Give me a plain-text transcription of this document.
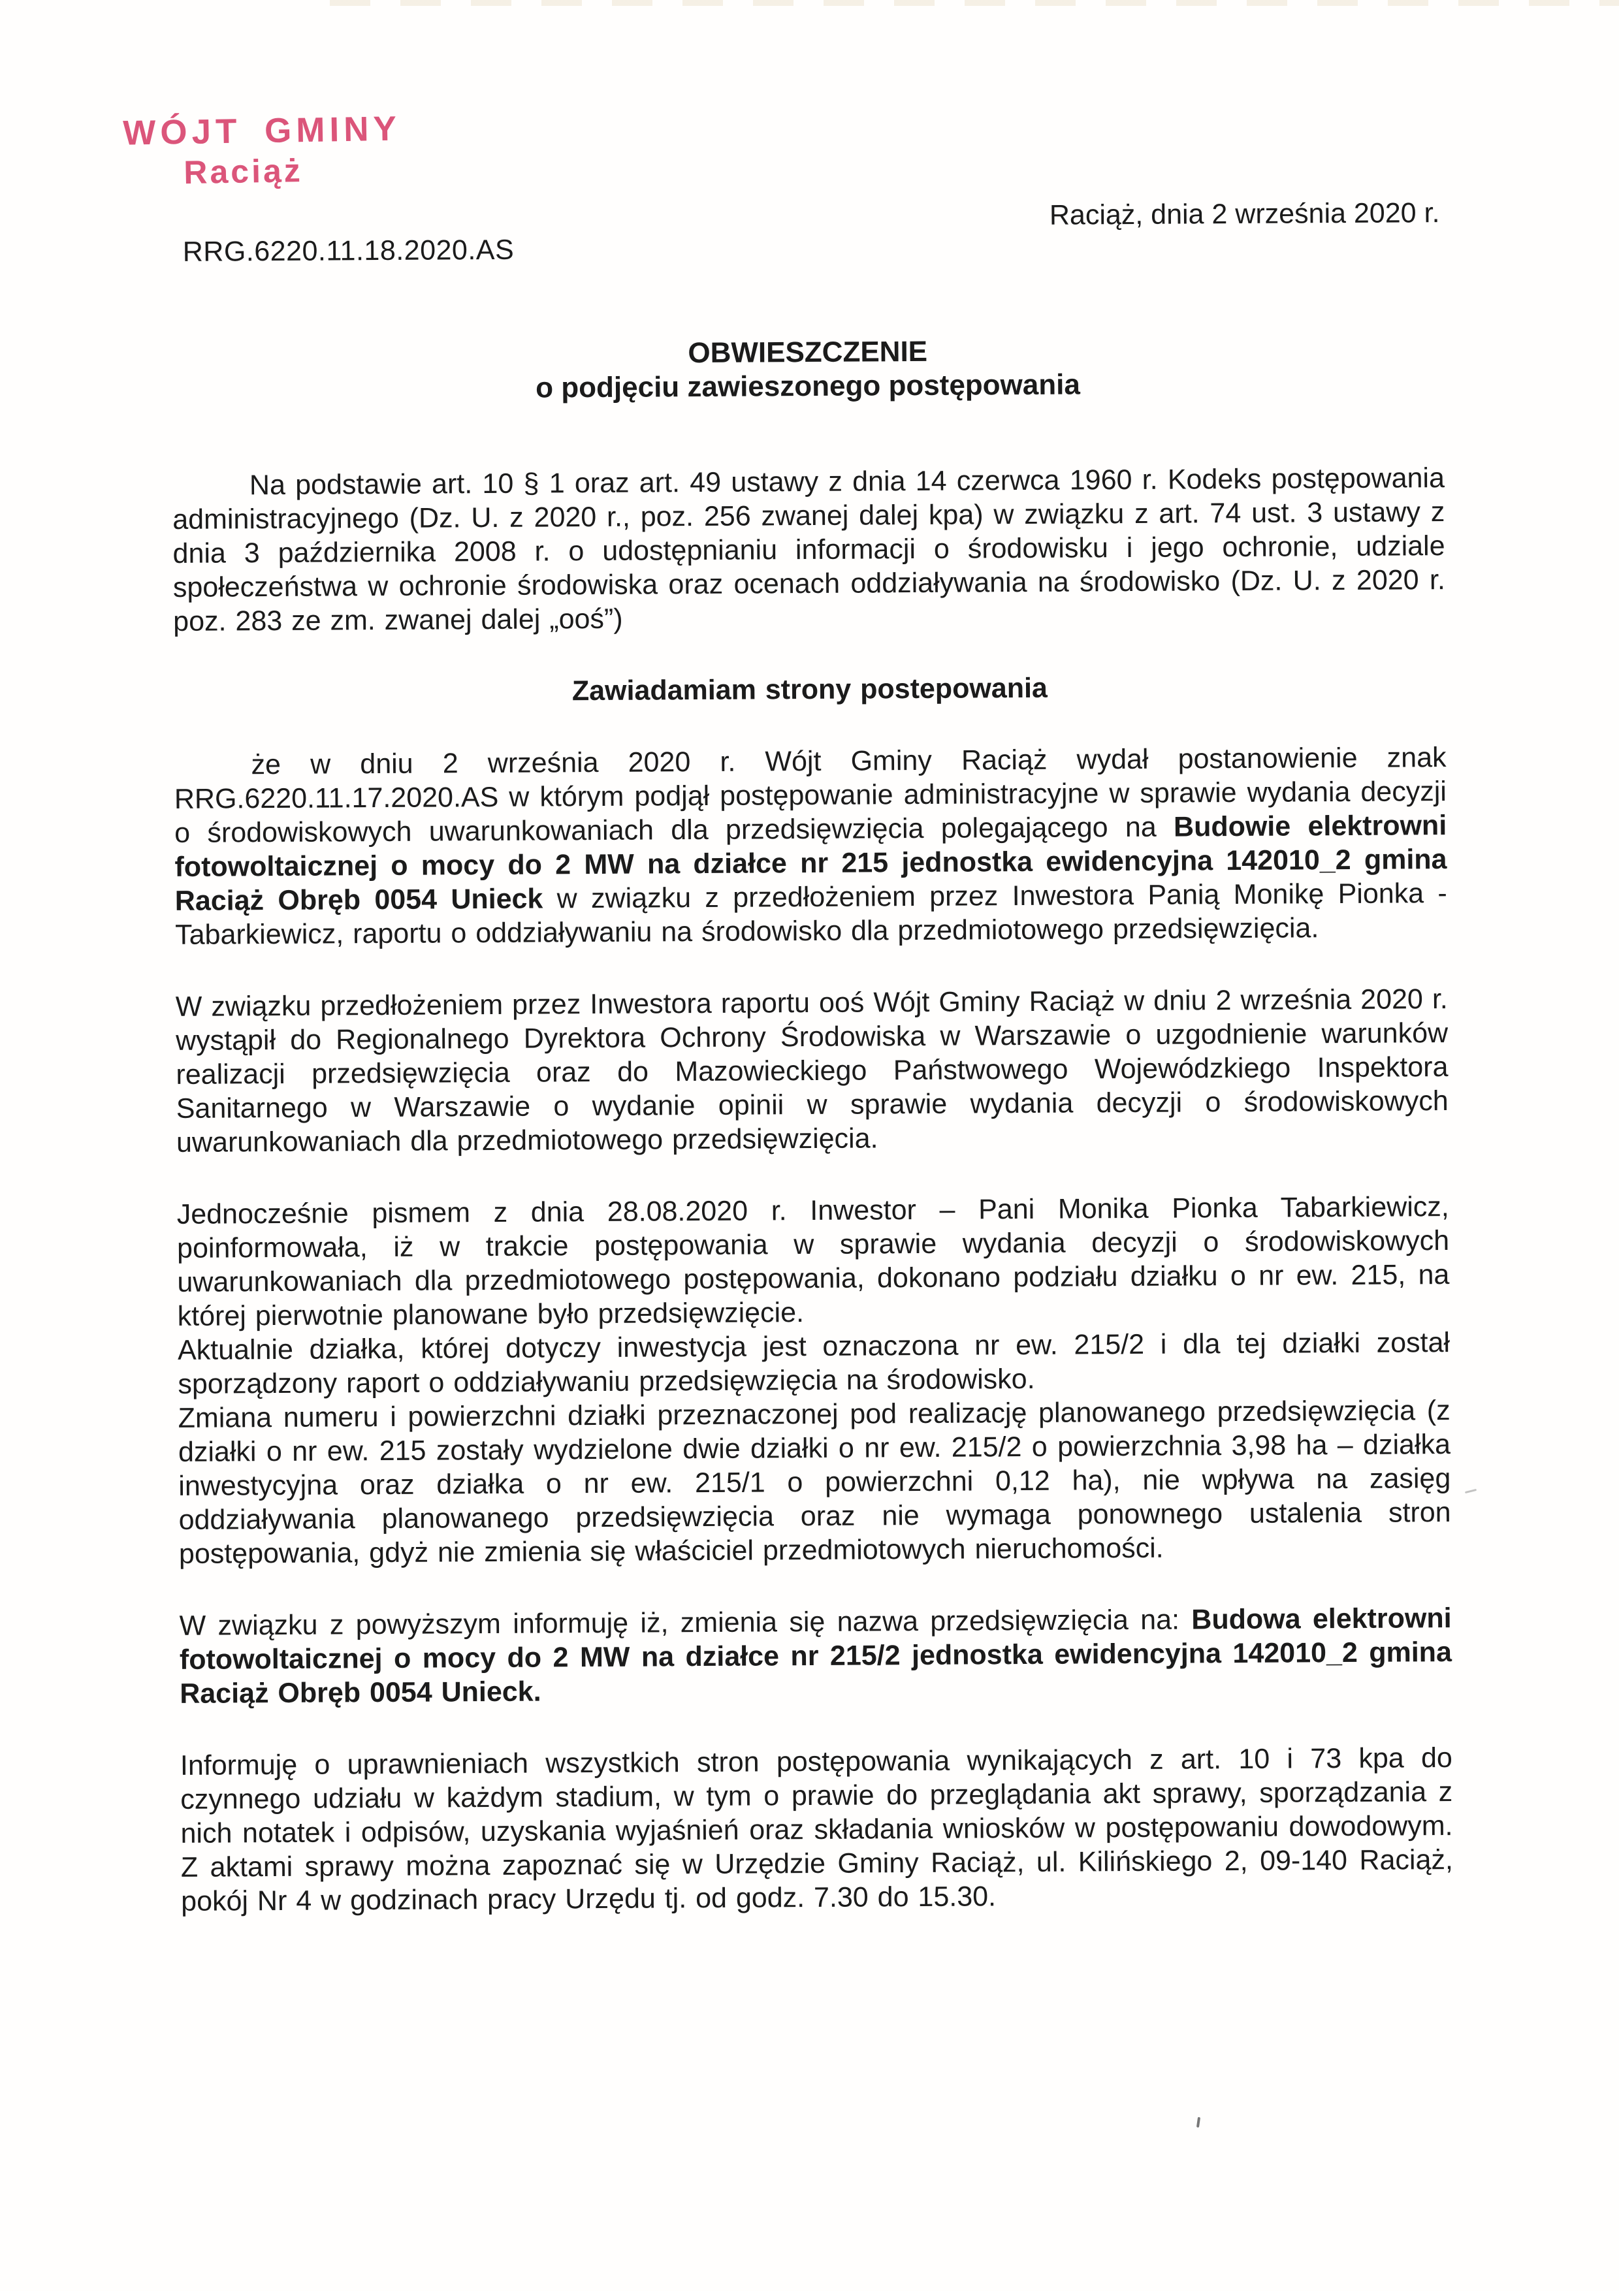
WÓJT GMINY
Raciąż
Raciąż, dnia 2 września 2020 r.
RRG.6220.11.18.2020.AS
OBWIESZCZENIE
o podjęciu zawieszonego postępowania

Na podstawie art. 10 § 1 oraz art. 49 ustawy z dnia 14 czerwca 1960 r. Kodeks postępowania administracyjnego (Dz. U. z 2020 r., poz. 256 zwanej dalej kpa) w związku z art. 74 ust. 3 ustawy z dnia 3 października 2008 r. o udostępnianiu informacji o środowisku i jego ochronie, udziale społeczeństwa w ochronie środowiska oraz ocenach oddziaływania na środowisko (Dz. U. z 2020 r. poz. 283 ze zm. zwanej dalej „ooś”)

Zawiadamiam strony postepowania

że w dniu 2 września 2020 r. Wójt Gminy Raciąż wydał postanowienie znak RRG.6220.11.17.2020.AS w którym podjął postępowanie administracyjne w sprawie wydania decyzji o środowiskowych uwarunkowaniach dla przedsięwzięcia polegającego na Budowie elektrowni fotowoltaicznej o mocy do 2 MW na działce nr 215 jednostka ewidencyjna 142010_2 gmina Raciąż Obręb 0054 Unieck w związku z przedłożeniem przez Inwestora Panią Monikę Pionka - Tabarkiewicz, raportu o oddziaływaniu na środowisko dla przedmiotowego przedsięwzięcia.

W związku przedłożeniem przez Inwestora raportu ooś Wójt Gminy Raciąż w dniu 2 września 2020 r. wystąpił do Regionalnego Dyrektora Ochrony Środowiska w Warszawie o uzgodnienie warunków realizacji przedsięwzięcia oraz do Mazowieckiego Państwowego Wojewódzkiego Inspektora Sanitarnego w Warszawie o wydanie opinii w sprawie wydania decyzji o środowiskowych uwarunkowaniach dla przedmiotowego przedsięwzięcia.

Jednocześnie pismem z dnia 28.08.2020 r. Inwestor – Pani Monika Pionka Tabarkiewicz, poinformowała, iż w trakcie postępowania w sprawie wydania decyzji o środowiskowych uwarunkowaniach dla przedmiotowego postępowania, dokonano podziału działku o nr ew. 215, na której pierwotnie planowane było przedsięwzięcie.

Aktualnie działka, której dotyczy inwestycja jest oznaczona nr ew. 215/2 i dla tej działki został sporządzony raport o oddziaływaniu przedsięwzięcia na środowisko.

Zmiana numeru i powierzchni działki przeznaczonej pod realizację planowanego przedsięwzięcia (z działki o nr ew. 215 zostały wydzielone dwie działki o nr ew. 215/2 o powierzchnia 3,98 ha – działka inwestycyjna oraz działka o nr ew. 215/1 o powierzchni 0,12 ha), nie wpływa na zasięg oddziaływania planowanego przedsięwzięcia oraz nie wymaga ponownego ustalenia stron postępowania, gdyż nie zmienia się właściciel przedmiotowych nieruchomości.

W związku z powyższym informuję iż, zmienia się nazwa przedsięwzięcia na: Budowa elektrowni fotowoltaicznej o mocy do 2 MW na działce nr 215/2 jednostka ewidencyjna 142010_2 gmina Raciąż Obręb 0054 Unieck.

Informuję o uprawnieniach wszystkich stron postępowania wynikających z art. 10 i 73 kpa do czynnego udziału w każdym stadium, w tym o prawie do przeglądania akt sprawy, sporządzania z nich notatek i odpisów, uzyskania wyjaśnień oraz składania wniosków w postępowaniu dowodowym. Z aktami sprawy można zapoznać się w Urzędzie Gminy Raciąż, ul. Kilińskiego 2, 09-140 Raciąż, pokój Nr 4 w godzinach pracy Urzędu tj. od godz. 7.30 do 15.30.
